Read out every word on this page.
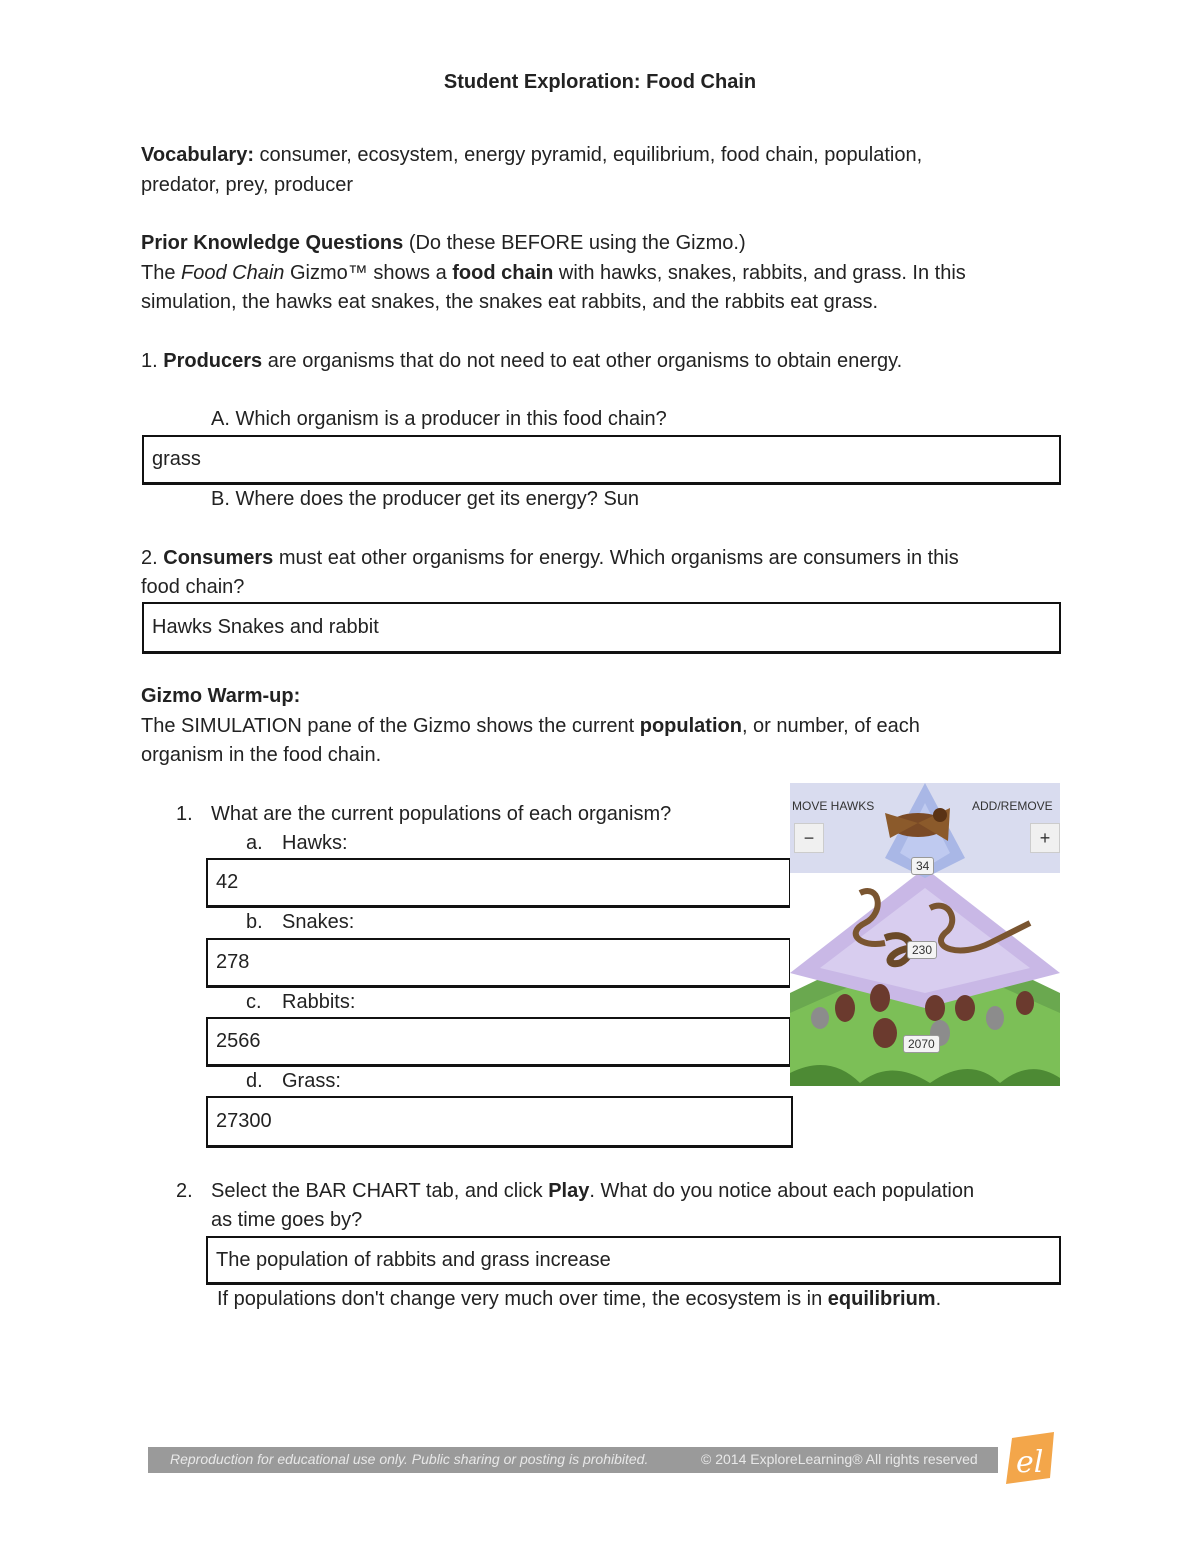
Student Exploration: Food Chain
Vocabulary: consumer, ecosystem, energy pyramid, equilibrium, food chain, population,
predator, prey, producer
Prior Knowledge Questions (Do these BEFORE using the Gizmo.)
The Food Chain Gizmo™ shows a food chain with hawks, snakes, rabbits, and grass. In this
simulation, the hawks eat snakes, the snakes eat rabbits, and the rabbits eat grass.
1. Producers are organisms that do not need to eat other organisms to obtain energy.
A. Which organism is a producer in this food chain?
grass
B. Where does the producer get its energy? Sun
2. Consumers must eat other organisms for energy. Which organisms are consumers in this
food chain?
Hawks Snakes and rabbit
Gizmo Warm-up:
The SIMULATION pane of the Gizmo shows the current population, or number, of each
organism in the food chain.
1. What are the current populations of each organism?
a. Hawks:
42
b. Snakes:
278
c. Rabbits:
2566
d. Grass:
27300
MOVE HAWKS	ADD/REMOVE
−	+
34
230
2070
2. Select the BAR CHART tab, and click Play. What do you notice about each population
as time goes by?
The population of rabbits and grass increase
If populations don't change very much over time, the ecosystem is in equilibrium.
Reproduction for educational use only. Public sharing or posting is prohibited.	© 2014 ExploreLearning® All rights reserved el
